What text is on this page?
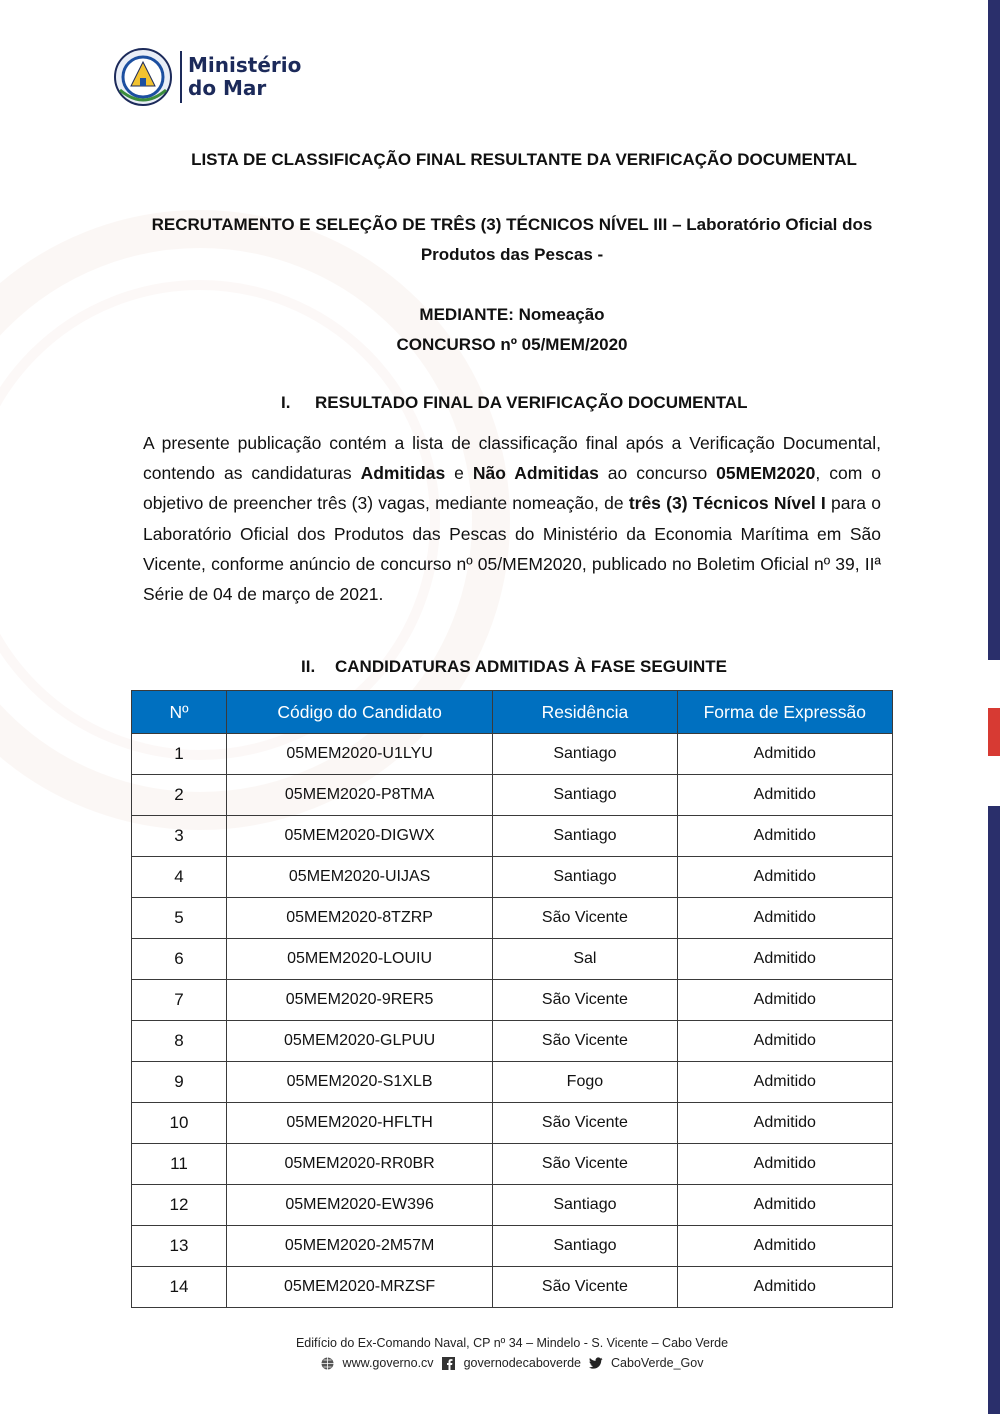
Ministério
do Mar
LISTA DE CLASSIFICAÇÃO FINAL RESULTANTE DA VERIFICAÇÃO DOCUMENTAL
RECRUTAMENTO E SELEÇÃO DE TRÊS (3) TÉCNICOS NÍVEL III – Laboratório Oficial dos
Produtos das Pescas -
MEDIANTE: Nomeação
CONCURSO nº 05/MEM/2020
I. RESULTADO FINAL DA VERIFICAÇÃO DOCUMENTAL

A presente publicação contém a lista de classificação final após a Verificação Documental, contendo as candidaturas Admitidas e Não Admitidas ao concurso 05MEM2020, com o objetivo de preencher três (3) vagas, mediante nomeação, de três (3) Técnicos Nível I para o Laboratório Oficial dos Produtos das Pescas do Ministério da Economia Marítima em São Vicente, conforme anúncio de concurso nº 05/MEM2020, publicado no Boletim Oficial nº 39, IIª Série de 04 de março de 2021.

II. CANDIDATURAS ADMITIDAS À FASE SEGUINTE
Nº	Código do Candidato	Residência	Forma de Expressão
1	05MEM2020-U1LYU	Santiago	Admitido
2	05MEM2020-P8TMA	Santiago	Admitido
3	05MEM2020-DIGWX	Santiago	Admitido
4	05MEM2020-UIJAS	Santiago	Admitido
5	05MEM2020-8TZRP	São Vicente	Admitido
6	05MEM2020-LOUIU	Sal	Admitido
7	05MEM2020-9RER5	São Vicente	Admitido
8	05MEM2020-GLPUU	São Vicente	Admitido
9	05MEM2020-S1XLB	Fogo	Admitido
10	05MEM2020-HFLTH	São Vicente	Admitido
11	05MEM2020-RR0BR	São Vicente	Admitido
12	05MEM2020-EW396	Santiago	Admitido
13	05MEM2020-2M57M	Santiago	Admitido
14	05MEM2020-MRZSF	São Vicente	Admitido
Edifício do Ex-Comando Naval, CP nº 34 – Mindelo - S. Vicente – Cabo Verde
www.governo.cv governodecaboverde CaboVerde_Gov
